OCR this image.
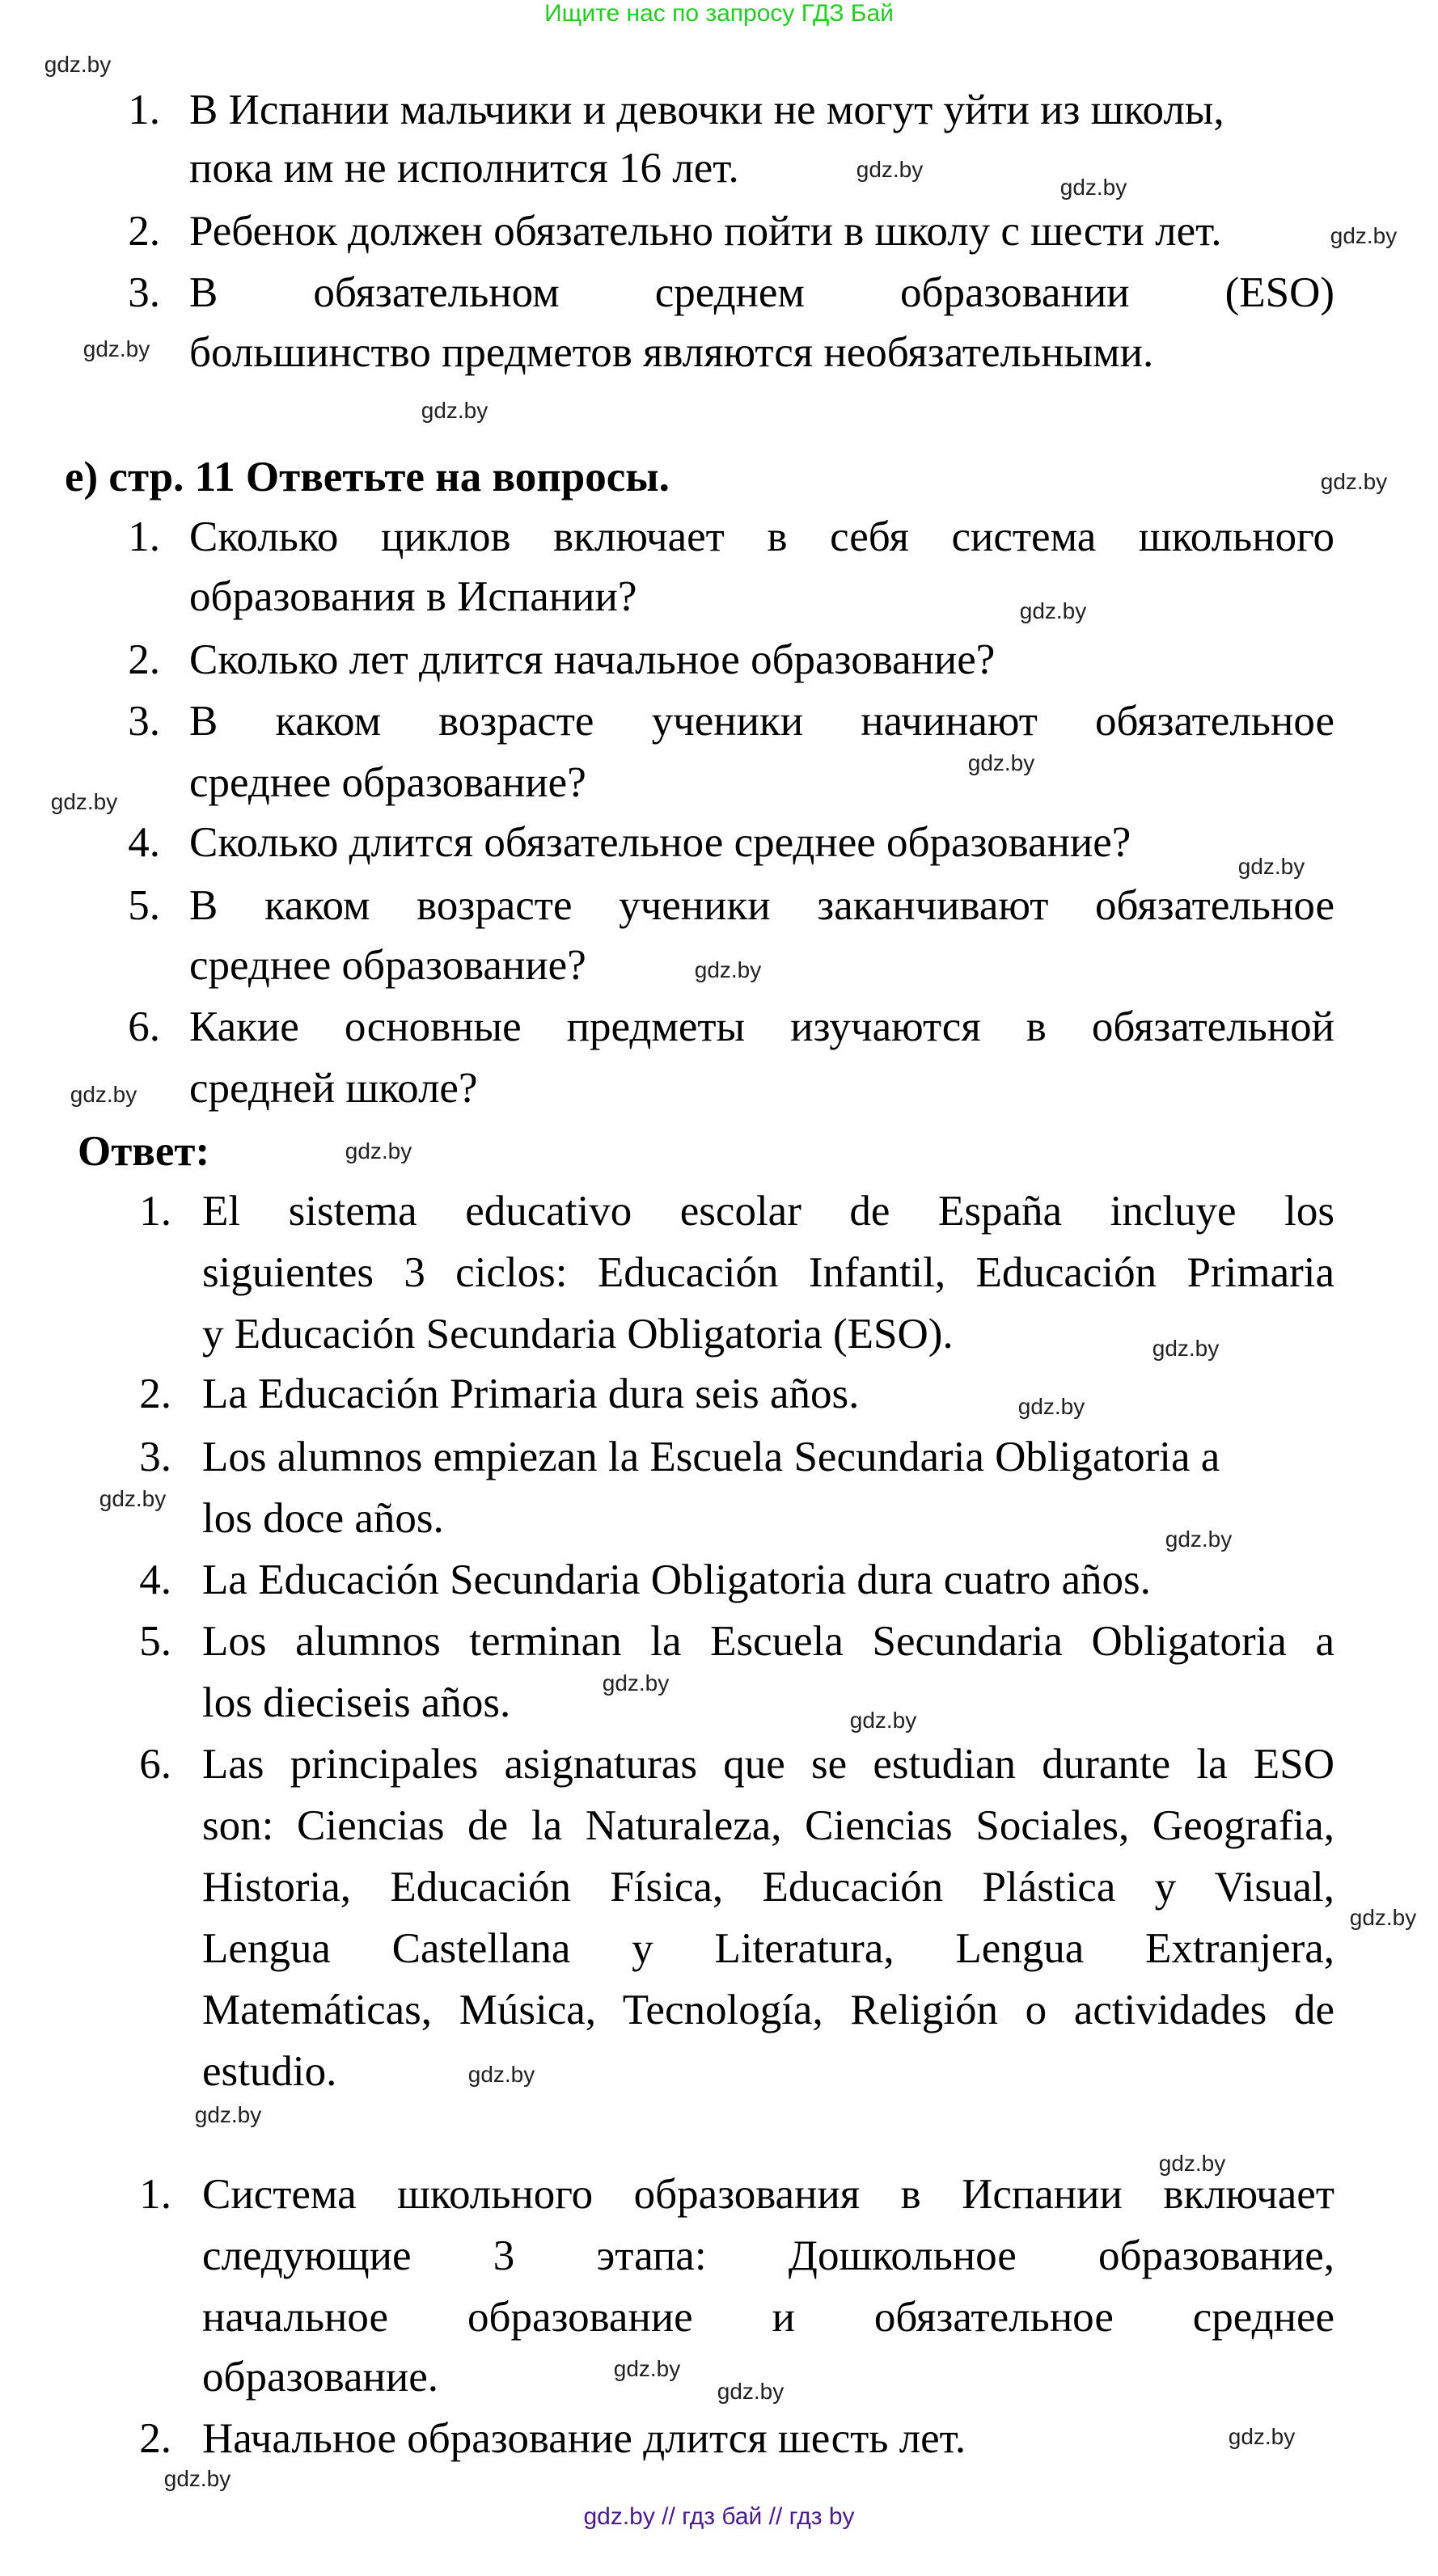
Ищите нас по запросу ГДЗ Бай
1. В Испании мальчики и девочки не могут уйти из школы,
пока им не исполнится 16 лет.
2. Ребенок должен обязательно пойти в школу с шести лет.
3. В обязательном среднем образовании (ESO)
большинство предметов являются необязательными.
е) стр. 11 Ответьте на вопросы.
1. Сколько циклов включает в себя система школьного
образования в Испании?
2. Сколько лет длится начальное образование?
3. В каком возрасте ученики начинают обязательное
среднее образование?
4. Сколько длится обязательное среднее образование?
5. В каком возрасте ученики заканчивают обязательное
среднее образование?
6. Какие основные предметы изучаются в обязательной
средней школе?
Ответ:
1. El sistema educativo escolar de España incluye los
siguientes 3 ciclos: Educación Infantil, Educación Primaria
y Educación Secundaria Obligatoria (ESO).
2. La Educación Primaria dura seis años.
3. Los alumnos empiezan la Escuela Secundaria Obligatoria a
los doce años.
4. La Educación Secundaria Obligatoria dura cuatro años.
5. Los alumnos terminan la Escuela Secundaria Obligatoria a
los dieciseis años.
6. Las principales asignaturas que se estudian durante la ESO
son: Ciencias de la Naturaleza, Ciencias Sociales, Geografia,
Historia, Educación Física, Educación Plástica y Visual,
Lengua Castellana y Literatura, Lengua Extranjera,
Matemáticas, Música, Tecnología, Religión o actividades de
estudio.
1. Система школьного образования в Испании включает
следующие 3 этапа: Дошкольное образование,
начальное образование и обязательное среднее
образование.
2. Начальное образование длится шесть лет.
gdz.by
gdz.by
gdz.by
gdz.by
gdz.by
gdz.by
gdz.by
gdz.by
gdz.by
gdz.by
gdz.by
gdz.by
gdz.by
gdz.by
gdz.by
gdz.by
gdz.by
gdz.by
gdz.by
gdz.by
gdz.by
gdz.by
gdz.by
gdz.by
gdz.by
gdz.by
gdz.by
gdz.by
gdz.by // гдз бай // гдз by
